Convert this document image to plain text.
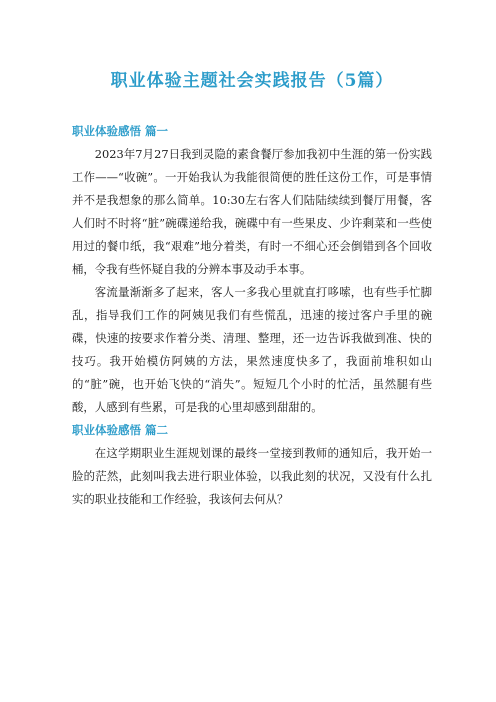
职业体验主题社会实践报告（5篇）
职业体验感悟 篇一

2023年7月27日我到灵隐的素食餐厅参加我初中生涯的第一份实践工作——“收碗”。一开始我认为我能很简便的胜任这份工作，可是事情并不是我想象的那么简单。10:30左右客人们陆陆续续到餐厅用餐，客人们时不时将“脏”碗碟递给我，碗碟中有一些果皮、少许剩菜和一些使用过的餐巾纸，我“艰难”地分着类，有时一不细心还会倒错到各个回收桶，令我有些怀疑自我的分辨本事及动手本事。

客流量渐渐多了起来，客人一多我心里就直打哆嗦，也有些手忙脚乱，指导我们工作的阿姨见我们有些慌乱，迅速的接过客户手里的碗碟，快速的按要求作着分类、清理、整理，还一边告诉我做到准、快的技巧。我开始模仿阿姨的方法，果然速度快多了，我面前堆积如山的“脏”碗，也开始飞快的“消失”。短短几个小时的忙活，虽然腿有些酸，人感到有些累，可是我的心里却感到甜甜的。

职业体验感悟 篇二

在这学期职业生涯规划课的最终一堂接到教师的通知后，我开始一脸的茫然，此刻叫我去进行职业体验，以我此刻的状况，又没有什么扎实的职业技能和工作经验，我该何去何从？
